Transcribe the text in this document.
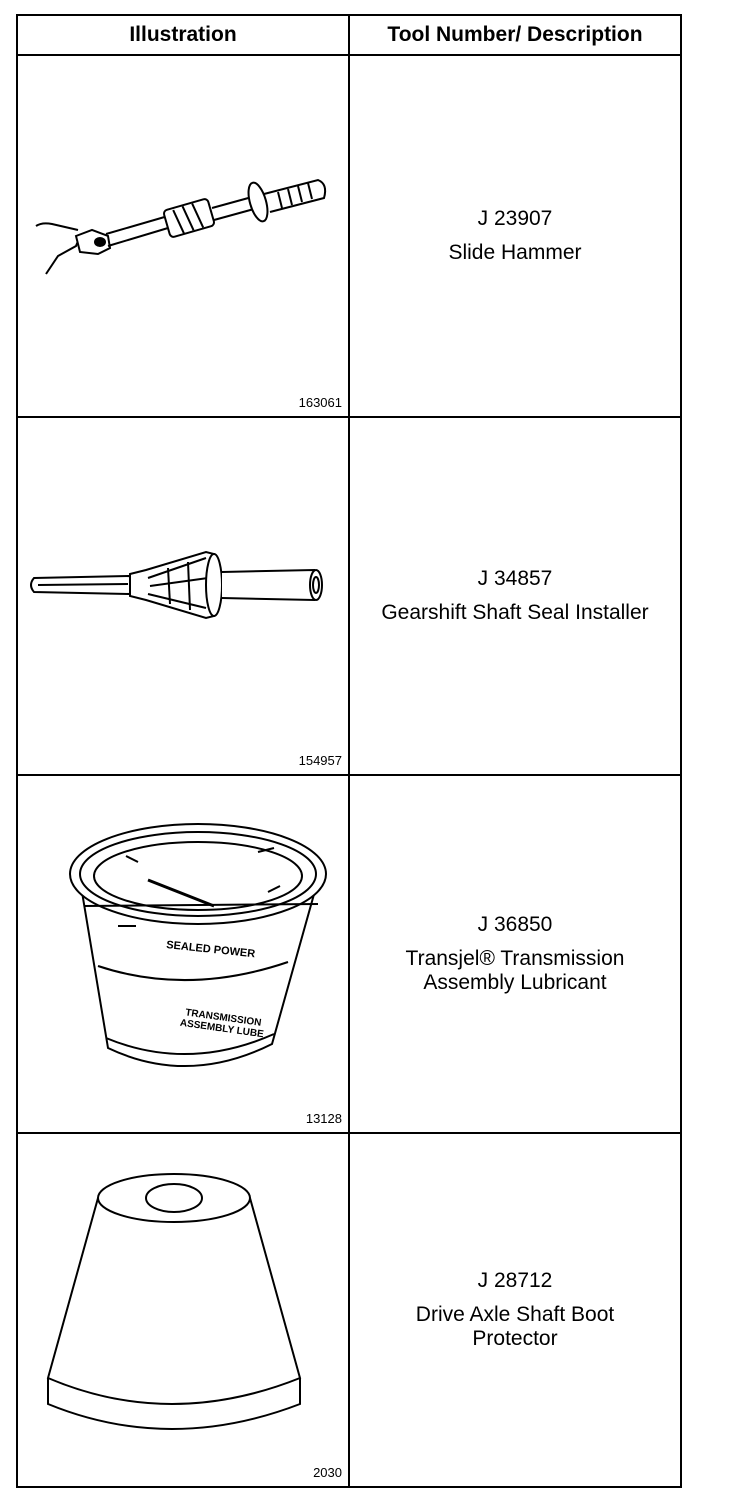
Illustration	Tool Number/ Description
163061
J 23907
Slide Hammer
154957
J 34857
Gearshift Shaft Seal Installer
SEALED POWER
TRANSMISSION ASSEMBLY LUBE
13128
J 36850
Transjel® Transmission Assembly Lubricant
2030
J 28712
Drive Axle Shaft Boot Protector
